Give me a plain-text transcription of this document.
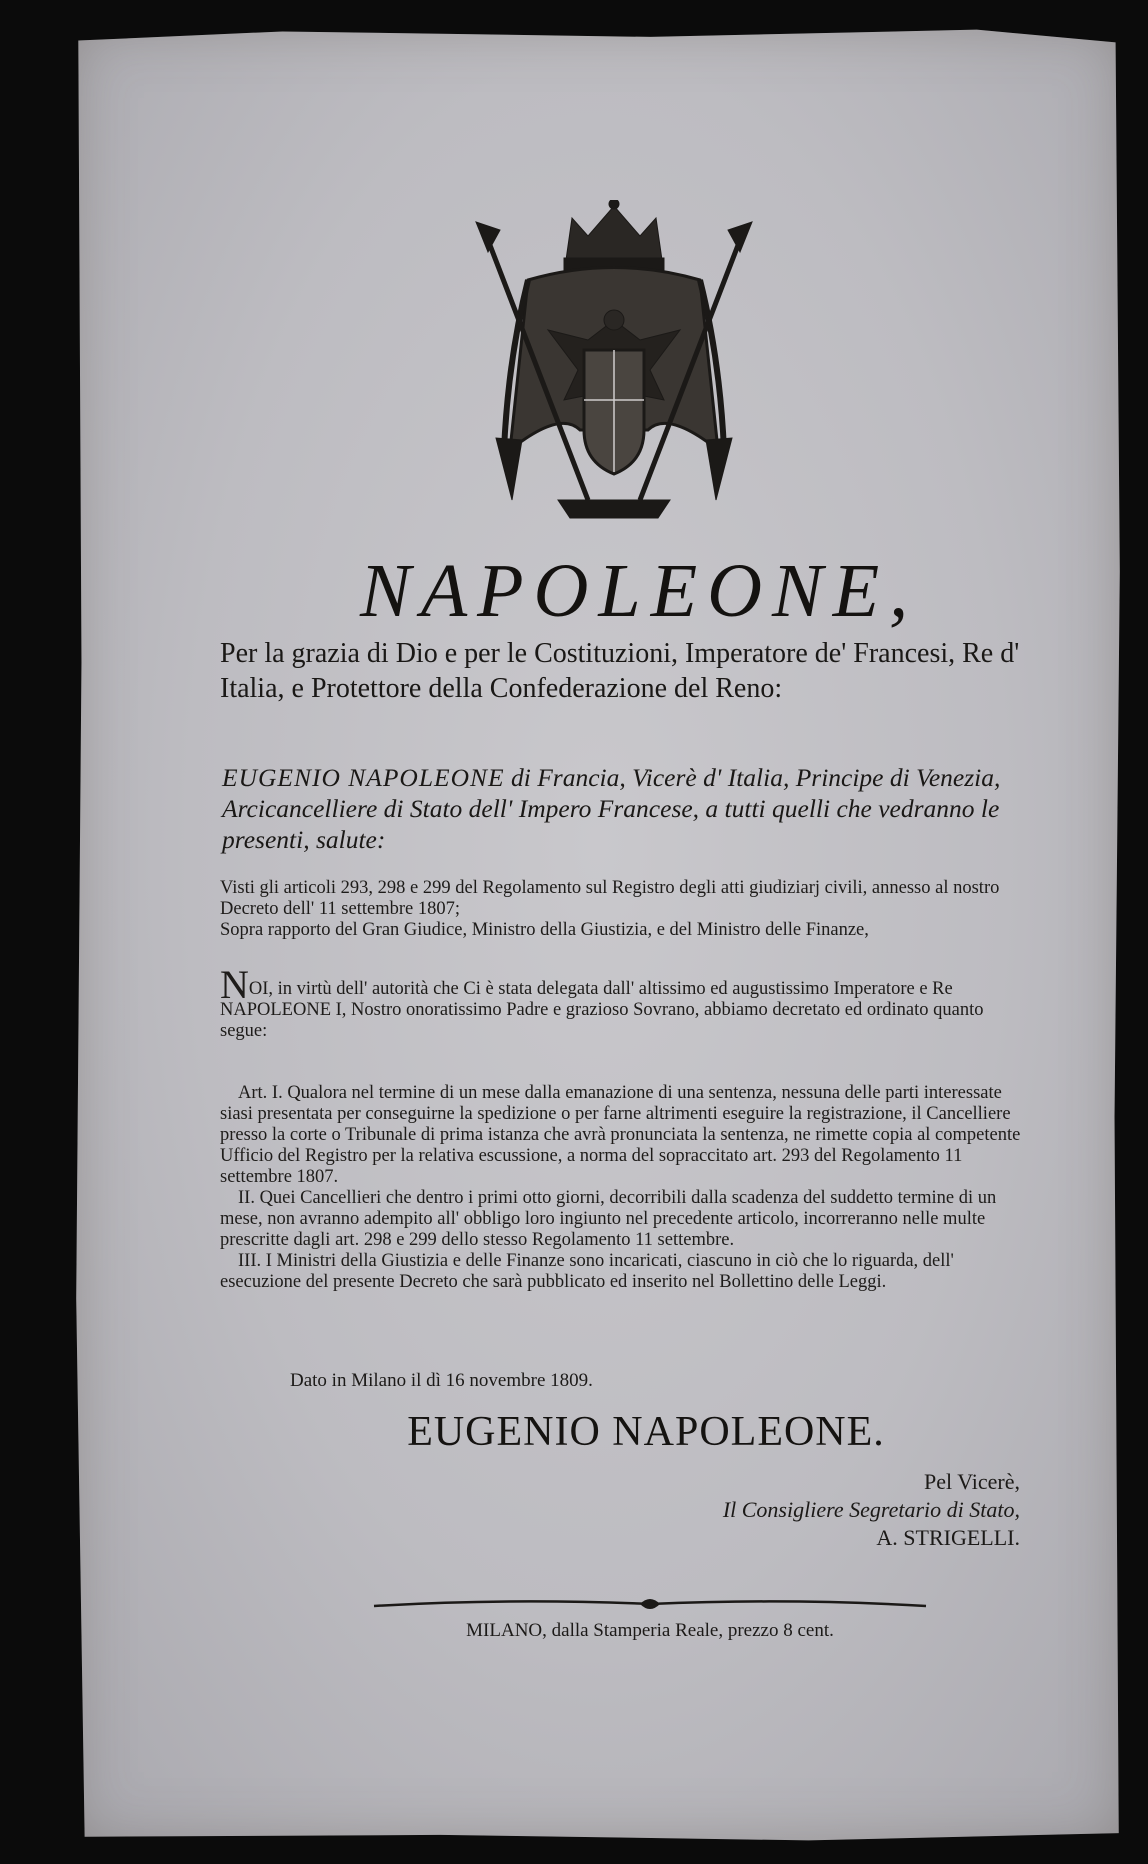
NAPOLEONE,
Per la grazia di Dio e per le Costituzioni, Imperatore de' Francesi, Re d' Italia, e Protettore della Confederazione del Reno:
EUGENIO NAPOLEONE di Francia, Vicerè d' Italia, Principe di Venezia, Arcicancelliere di Stato dell' Impero Francese, a tutti quelli che vedranno le presenti, salute:
Visti gli articoli 293, 298 e 299 del Regolamento sul Registro degli atti giudiziarj civili, annesso al nostro Decreto dell' 11 settembre 1807;
Sopra rapporto del Gran Giudice, Ministro della Giustizia, e del Ministro delle Finanze,
NOI, in virtù dell' autorità che Ci è stata delegata dall' altissimo ed augustissimo Imperatore e Re NAPOLEONE I, Nostro onoratissimo Padre e grazioso Sovrano, abbiamo decretato ed ordinato quanto segue:

Art. I. Qualora nel termine di un mese dalla emanazione di una sentenza, nessuna delle parti interessate siasi presentata per conseguirne la spedizione o per farne altrimenti eseguire la registrazione, il Cancelliere presso la corte o Tribunale di prima istanza che avrà pronunciata la sentenza, ne rimette copia al competente Ufficio del Registro per la relativa escussione, a norma del sopraccitato art. 293 del Regolamento 11 settembre 1807.

II. Quei Cancellieri che dentro i primi otto giorni, decorribili dalla scadenza del suddetto termine di un mese, non avranno adempito all' obbligo loro ingiunto nel precedente articolo, incorreranno nelle multe prescritte dagli art. 298 e 299 dello stesso Regolamento 11 settembre.

III. I Ministri della Giustizia e delle Finanze sono incaricati, ciascuno in ciò che lo riguarda, dell' esecuzione del presente Decreto che sarà pubblicato ed inserito nel Bollettino delle Leggi.

Dato in Milano il dì 16 novembre 1809.
EUGENIO NAPOLEONE.
Pel Vicerè,
Il Consigliere Segretario di Stato,
A. STRIGELLI.
MILANO, dalla Stamperia Reale, prezzo 8 cent.
